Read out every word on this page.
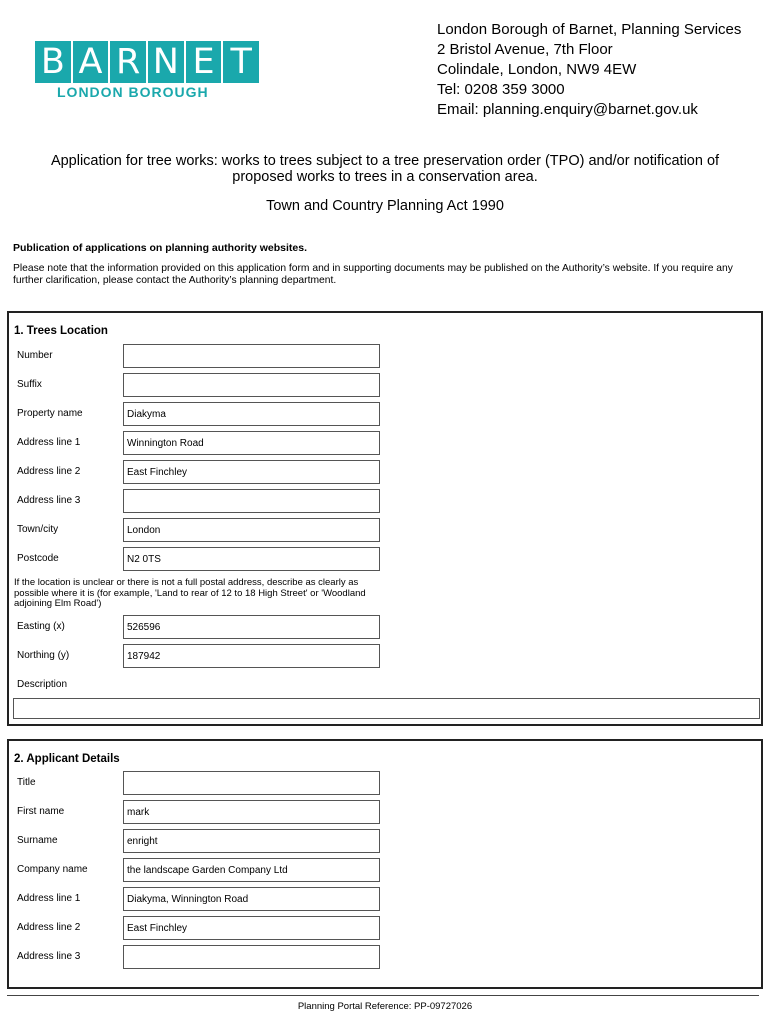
B A R N E T
LONDON BOROUGH
London Borough of Barnet, Planning Services
2 Bristol Avenue, 7th Floor
Colindale, London, NW9 4EW
Tel: 0208 359 3000
Email: planning.enquiry@barnet.gov.uk
Application for tree works: works to trees subject to a tree preservation order (TPO) and/or notification of proposed works to trees in a conservation area.
Town and Country Planning Act 1990
Publication of applications on planning authority websites.
Please note that the information provided on this application form and in supporting documents may be published on the Authority’s website. If you require any further clarification, please contact the Authority’s planning department.
1. Trees Location
Number
Suffix
Property name	Diakyma
Address line 1	Winnington Road
Address line 2	East Finchley
Address line 3
Town/city	London
Postcode	N2 0TS
If the location is unclear or there is not a full postal address, describe as clearly as possible where it is (for example, 'Land to rear of 12 to 18 High Street' or 'Woodland adjoining Elm Road')
Easting (x)	526596
Northing (y)	187942
Description
2. Applicant Details
Title
First name	mark
Surname	enright
Company name	the landscape Garden Company Ltd
Address line 1	Diakyma, Winnington Road
Address line 2	East Finchley
Address line 3
Planning Portal Reference: PP-09727026
